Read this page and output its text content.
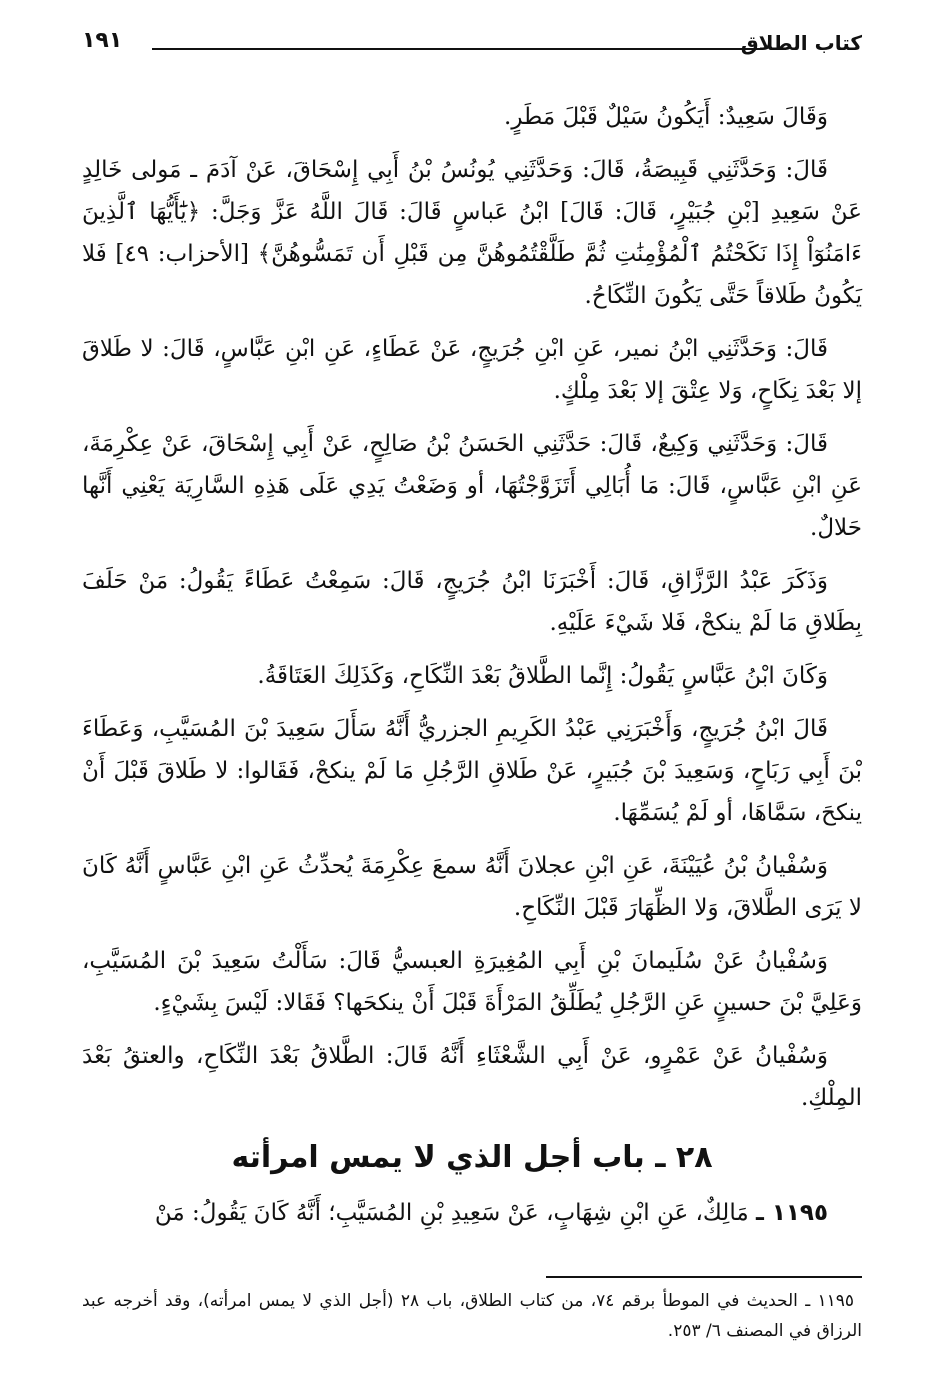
كتاب الطلاق
١٩١

وَقَالَ سَعِيدٌ: أَيَكُونُ سَيْلٌ قَبْلَ مَطَرٍ.

قَالَ: وَحَدَّثَنِي قَبِيصَةُ، قَالَ: وَحَدَّثَنِي يُونُسُ بْنُ أَبِي إِسْحَاقَ، عَنْ آدَمَ ـ مَولى خَالِدٍ عَنْ سَعِيدِ [بْنِ جُبَيْرٍ، قَالَ: قَالَ] ابْنُ عَباسٍ قَالَ: قَالَ اللَّهُ عَزَّ وَجَلَّ: ﴿يَٰٓأَيُّهَا ٱلَّذِينَ ءَامَنُوٓاْ إِذَا نَكَحْتُمُ ٱلْمُؤْمِنَٰتِ ثُمَّ طَلَّقْتُمُوهُنَّ مِن قَبْلِ أَن تَمَسُّوهُنَّ﴾ [الأحزاب: ٤٩] فَلا يَكُونُ طَلاقاً حَتَّى يَكُونَ النِّكَاحُ.

قَالَ: وَحَدَّثَنِي ابْنُ نمير، عَنِ ابْنِ جُرَيجٍ، عَنْ عَطَاءٍ، عَنِ ابْنِ عَبَّاسٍ، قَالَ: لا طَلاقَ إلا بَعْدَ نِكَاحٍ، وَلا عِتْقَ إلا بَعْدَ مِلْكٍ.

قَالَ: وَحَدَّثَنِي وَكِيعٌ، قَالَ: حَدَّثَنِي الحَسَنُ بْنُ صَالِحٍ، عَنْ أَبِي إِسْحَاقَ، عَنْ عِكْرِمَةَ، عَنِ ابْنِ عَبَّاسٍ، قَالَ: مَا أُبَالِي أَتَزَوَّجْتُهَا، أو وَضَعْتُ يَدِي عَلَى هَذِهِ السَّارِيَة يَعْنِي أَنَّها حَلالٌ.

وَذَكَرَ عَبْدُ الرَّزَّاقِ، قَالَ: أَخْبَرَنَا ابْنُ جُرَيجٍ، قَالَ: سَمِعْتُ عَطَاءً يَقُولُ: مَنْ حَلَفَ بِطَلاقِ مَا لَمْ ينكحْ، فَلا شَيْءَ عَلَيْهِ.

وَكَانَ ابْنُ عَبَّاسٍ يَقُولُ: إِنَّما الطَّلاقُ بَعْدَ النِّكَاحِ، وَكَذَلِكَ العَتَاقَةُ.

قَالَ ابْنُ جُرَيجٍ، وَأَخْبَرَنِي عَبْدُ الكَرِيمِ الجزريُّ أَنَّهُ سَأَلَ سَعِيدَ بْنَ المُسَيَّبِ، وَعَطَاءَ بْنَ أَبِي رَبَاحٍ، وَسَعِيدَ بْنَ جُبَيرٍ، عَنْ طَلاقِ الرَّجُلِ مَا لَمْ ينكحْ، فَقَالوا: لا طَلاقَ قَبْلَ أَنْ ينكحَ، سَمَّاهَا، أو لَمْ يُسَمِّهَا.

وَسُفْيانُ بْنُ عُيَيْنَةَ، عَنِ ابْنِ عجلانَ أَنَّهُ سمعَ عِكْرِمَةَ يُحدِّثُ عَنِ ابْنِ عَبَّاسٍ أَنَّهُ كَانَ لا يَرَى الطَّلاقَ، وَلا الظِّهَارَ قَبْلَ النِّكَاحِ.

وَسُفْيانُ عَنْ سُلَيمانَ بْنِ أَبِي المُغِيرَةِ العبسيُّ قَالَ: سَأَلْتُ سَعِيدَ بْنَ المُسَيَّبِ، وَعَلِيَّ بْنَ حسينٍ عَنِ الرَّجُلِ يُطَلِّقُ المَرْأَةَ قَبْلَ أَنْ ينكحَها؟ فَقَالا: لَيْسَ بِشَيْءٍ.

وَسُفْيانُ عَنْ عَمْرٍو، عَنْ أَبِي الشَّعْثَاءِ أَنَّهُ قَالَ: الطَّلاقُ بَعْدَ النِّكَاحِ، والعتقُ بَعْدَ المِلْكِ.

٢٨ ـ باب أجل الذي لا يمس امرأته

١١٩٥ ـ مَالِكٌ، عَنِ ابْنِ شِهَابٍ، عَنْ سَعِيدِ بْنِ المُسَيَّبِ؛ أَنَّهُ كَانَ يَقُولُ: مَنْ

١١٩٥ ـ الحديث في الموطأ برقم ٧٤، من كتاب الطلاق، باب ٢٨ (أجل الذي لا يمس امرأته)، وقد أخرجه عبد الرزاق في المصنف ٦/ ٢٥٣.
